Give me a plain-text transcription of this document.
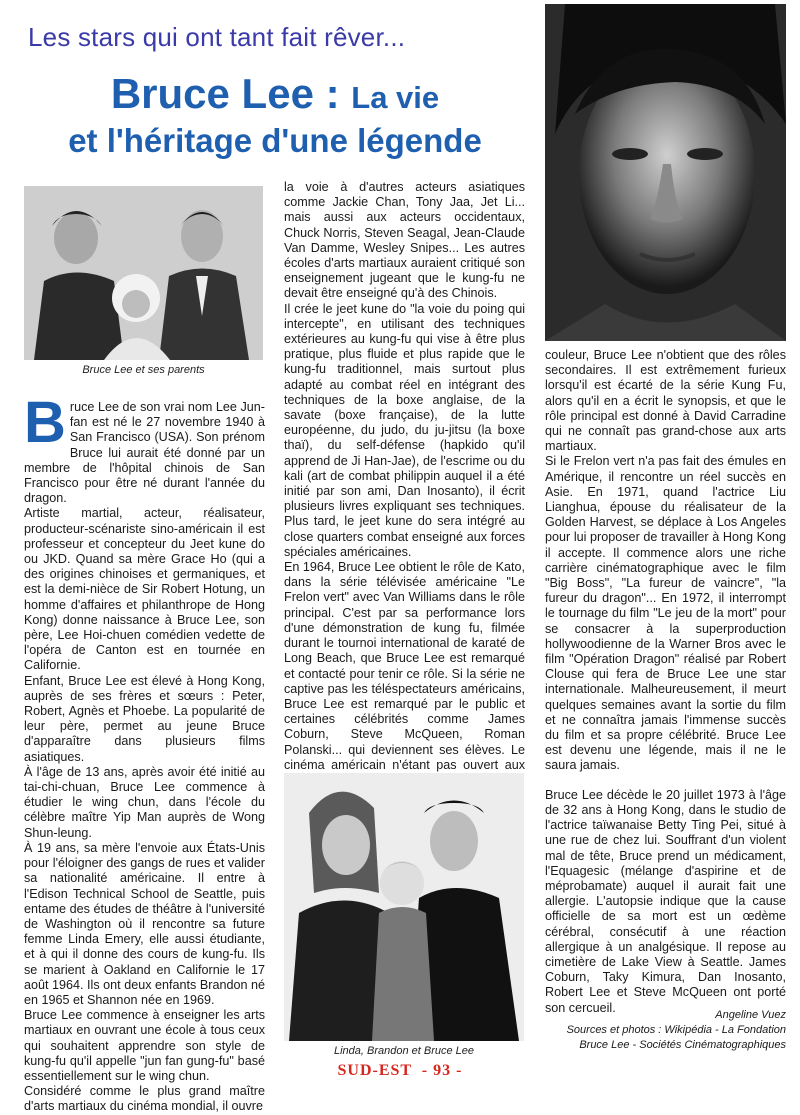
Les stars qui ont tant fait rêver...
Bruce Lee : La vie
et l'héritage d'une légende
Bruce Lee et ses parents
B ruce Lee de son vrai nom Lee Jun-fan est né le 27 novembre 1940 à San Francisco (USA). Son prénom Bruce lui aurait été donné par un membre de l'hôpital chinois de San Francisco pour être né durant l'année du dragon.

Artiste martial, acteur, réalisateur, producteur-scénariste sino-américain il est professeur et concepteur du Jeet kune do ou JKD. Quand sa mère Grace Ho (qui a des origines chinoises et germaniques, et est la demi-nièce de Sir Robert Hotung, un homme d'affaires et philanthrope de Hong Kong) donne naissance à Bruce Lee, son père, Lee Hoi-chuen comédien vedette de l'opéra de Canton est en tournée en Californie.

Enfant, Bruce Lee est élevé à Hong Kong, auprès de ses frères et sœurs : Peter, Robert, Agnès et Phoebe. La popularité de leur père, permet au jeune Bruce d'apparaître dans plusieurs films asiatiques.

À l'âge de 13 ans, après avoir été initié au tai-chi-chuan, Bruce Lee commence à étudier le wing chun, dans l'école du célèbre maître Yip Man auprès de Wong Shun-leung.

À 19 ans, sa mère l'envoie aux États-Unis pour l'éloigner des gangs de rues et valider sa nationalité américaine. Il entre à l'Edison Technical School de Seattle, puis entame des études de théâtre à l'université de Washington où il rencontre sa future femme Linda Emery, elle aussi étudiante, et à qui il donne des cours de kung-fu. Ils se marient à Oakland en Californie le 17 août 1964. Ils ont deux enfants Brandon né en 1965 et Shannon née en 1969.

Bruce Lee commence à enseigner les arts martiaux en ouvrant une école à tous ceux qui souhaitent apprendre son style de kung-fu qu'il appelle "jun fan gung-fu" basé essentiellement sur le wing chun.

Considéré comme le plus grand maître d'arts martiaux du cinéma mondial, il ouvre

la voie à d'autres acteurs asiatiques comme Jackie Chan, Tony Jaa, Jet Li... mais aussi aux acteurs occidentaux, Chuck Norris, Steven Seagal, Jean-Claude Van Damme, Wesley Snipes... Les autres écoles d'arts martiaux auraient critiqué son enseignement jugeant que le kung-fu ne devait être enseigné qu'à des Chinois.

Il crée le jeet kune do "la voie du poing qui intercepte", en utilisant des techniques extérieures au kung-fu qui vise à être plus pratique, plus fluide et plus rapide que le kung-fu traditionnel, mais surtout plus adapté au combat réel en intégrant des techniques de la boxe anglaise, de la savate (boxe française), de la lutte européenne, du judo, du ju-jitsu (la boxe thaï), du self-défense (hapkido qu'il apprend de Ji Han-Jae), de l'escrime ou du kali (art de combat philippin auquel il a été initié par son ami, Dan Inosanto), il écrit plusieurs livres expliquant ses techniques. Plus tard, le jeet kune do sera intégré au close quarters combat enseigné aux forces spéciales américaines.

En 1964, Bruce Lee obtient le rôle de Kato, dans la série télévisée américaine "Le Frelon vert" avec Van Williams dans le rôle principal. C'est par sa performance lors d'une démonstration de kung fu, filmée durant le tournoi international de karaté de Long Beach, que Bruce Lee est remarqué et contacté pour tenir ce rôle. Si la série ne captive pas les téléspectateurs américains, Bruce Lee est remarqué par le public et certaines célébrités comme James Coburn, Steve McQueen, Roman Polanski... qui deviennent ses élèves. Le cinéma américain n'étant pas ouvert aux

Linda, Brandon et Bruce Lee

couleur, Bruce Lee n'obtient que des rôles secondaires. Il est extrêmement furieux lorsqu'il est écarté de la série Kung Fu, alors qu'il en a écrit le synopsis, et que le rôle principal est donné à David Carradine qui ne connaît pas grand-chose aux arts martiaux.

Si le Frelon vert n'a pas fait des émules en Amérique, il rencontre un réel succès en Asie. En 1971, quand l'actrice Liu Lianghua, épouse du réalisateur de la Golden Harvest, se déplace à Los Angeles pour lui proposer de travailler à Hong Kong il accepte. Il commence alors une riche carrière cinématographique avec le film "Big Boss", "La fureur de vaincre", "la fureur du dragon"... En 1972, il interrompt le tournage du film "Le jeu de la mort" pour se consacrer à la superproduction hollywoodienne de la Warner Bros avec le film "Opération Dragon" réalisé par Robert Clouse qui fera de Bruce Lee une star internationale. Malheureusement, il meurt quelques semaines avant la sortie du film et ne connaîtra jamais l'immense succès du film et sa propre célébrité. Bruce Lee est devenu une légende, mais il ne le saura jamais.

Bruce Lee décède le 20 juillet 1973 à l'âge de 32 ans à Hong Kong, dans le studio de l'actrice taïwanaise Betty Ting Pei, situé à une rue de chez lui. Souffrant d'un violent mal de tête, Bruce prend un médicament, l'Equagesic (mélange d'aspirine et de méprobamate) auquel il aurait fait une allergie. L'autopsie indique que la cause officielle de sa mort est un œdème cérébral, consécutif à une réaction allergique à un analgésique. Il repose au cimetière de Lake View à Seattle. James Coburn, Taky Kimura, Dan Inosanto, Robert Lee et Steve McQueen ont porté son cercueil.

Angeline Vuez
Sources et photos : Wikipédia - La Fondation
Bruce Lee - Sociétés Cinématographiques
SUD-EST  - 93 -
